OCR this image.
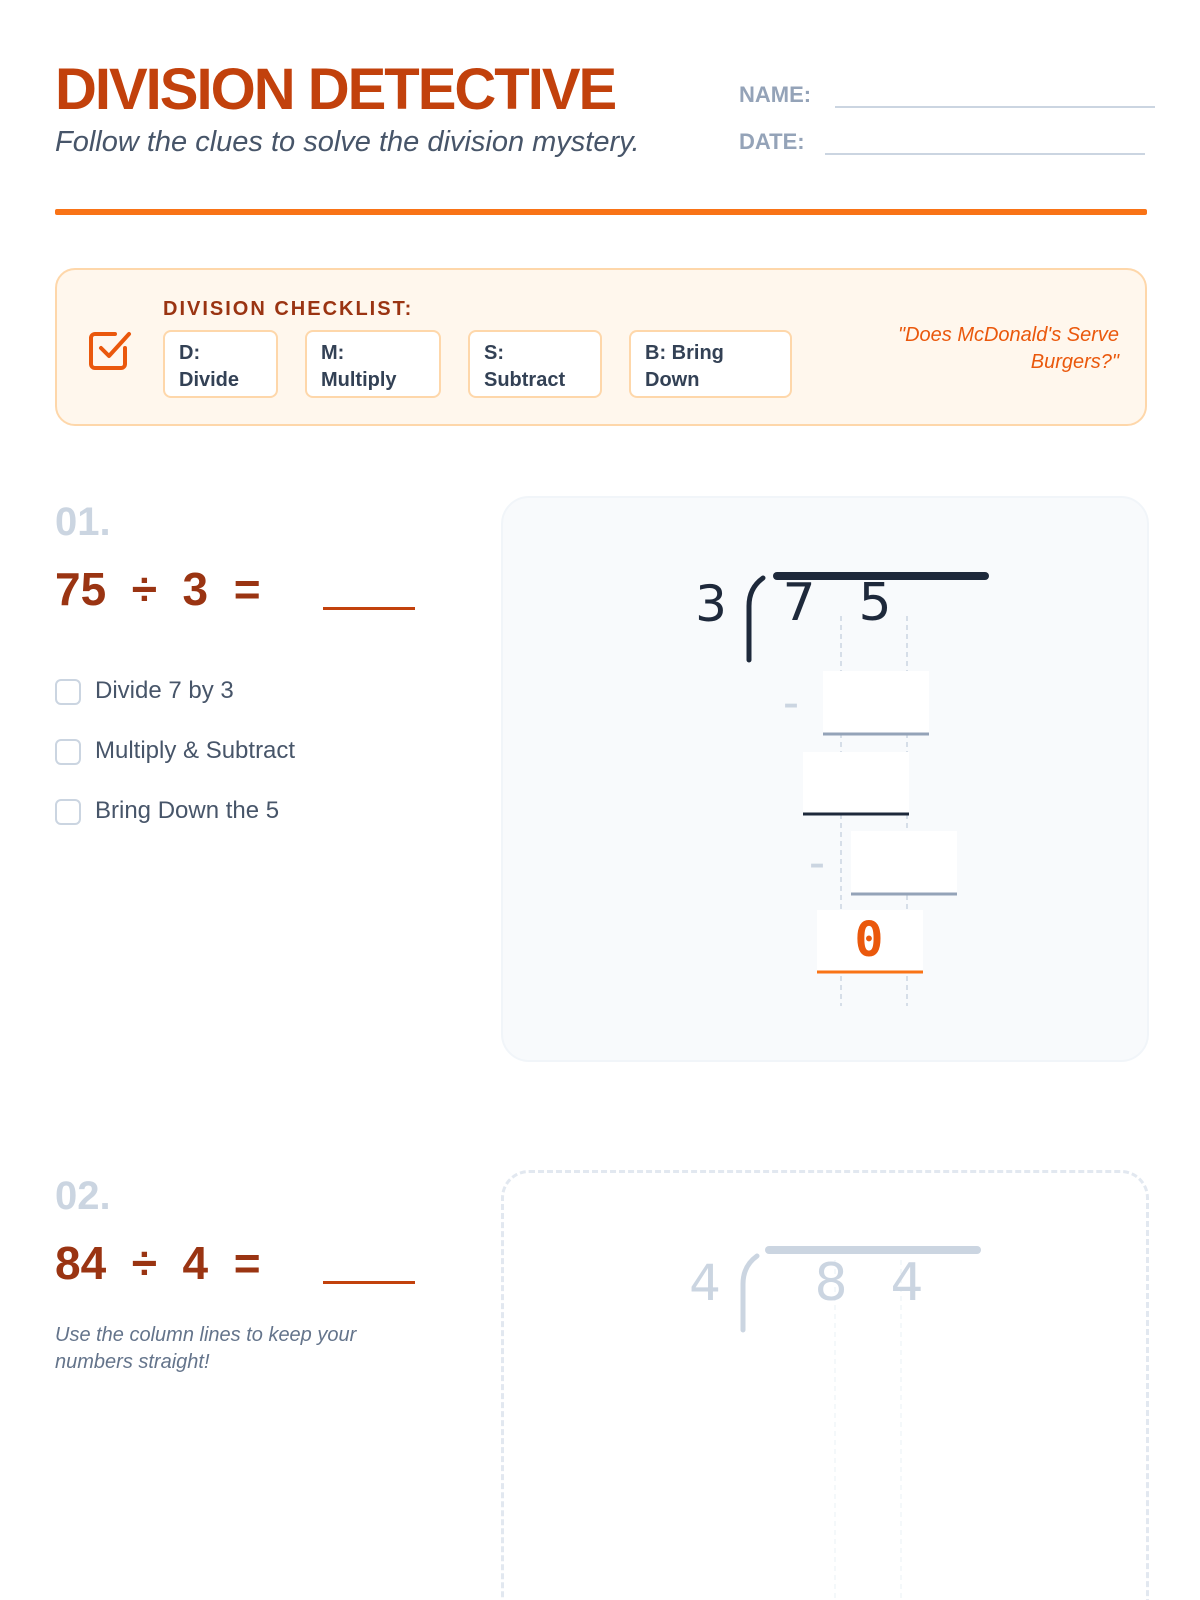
DIVISION DETECTIVE
Follow the clues to solve the division mystery.
NAME:
DATE:
DIVISION CHECKLIST:
D:
Divide
M:
Multiply
S:
Subtract
B: Bring
Down
"Does McDonald's Serve Burgers?"
01.
75 ÷ 3 =
Divide 7 by 3
Multiply & Subtract
Bring Down the 5
3 7 5
–
–
0
02.
84 ÷ 4 =
Use the column lines to keep your numbers straight!
4 8 4
